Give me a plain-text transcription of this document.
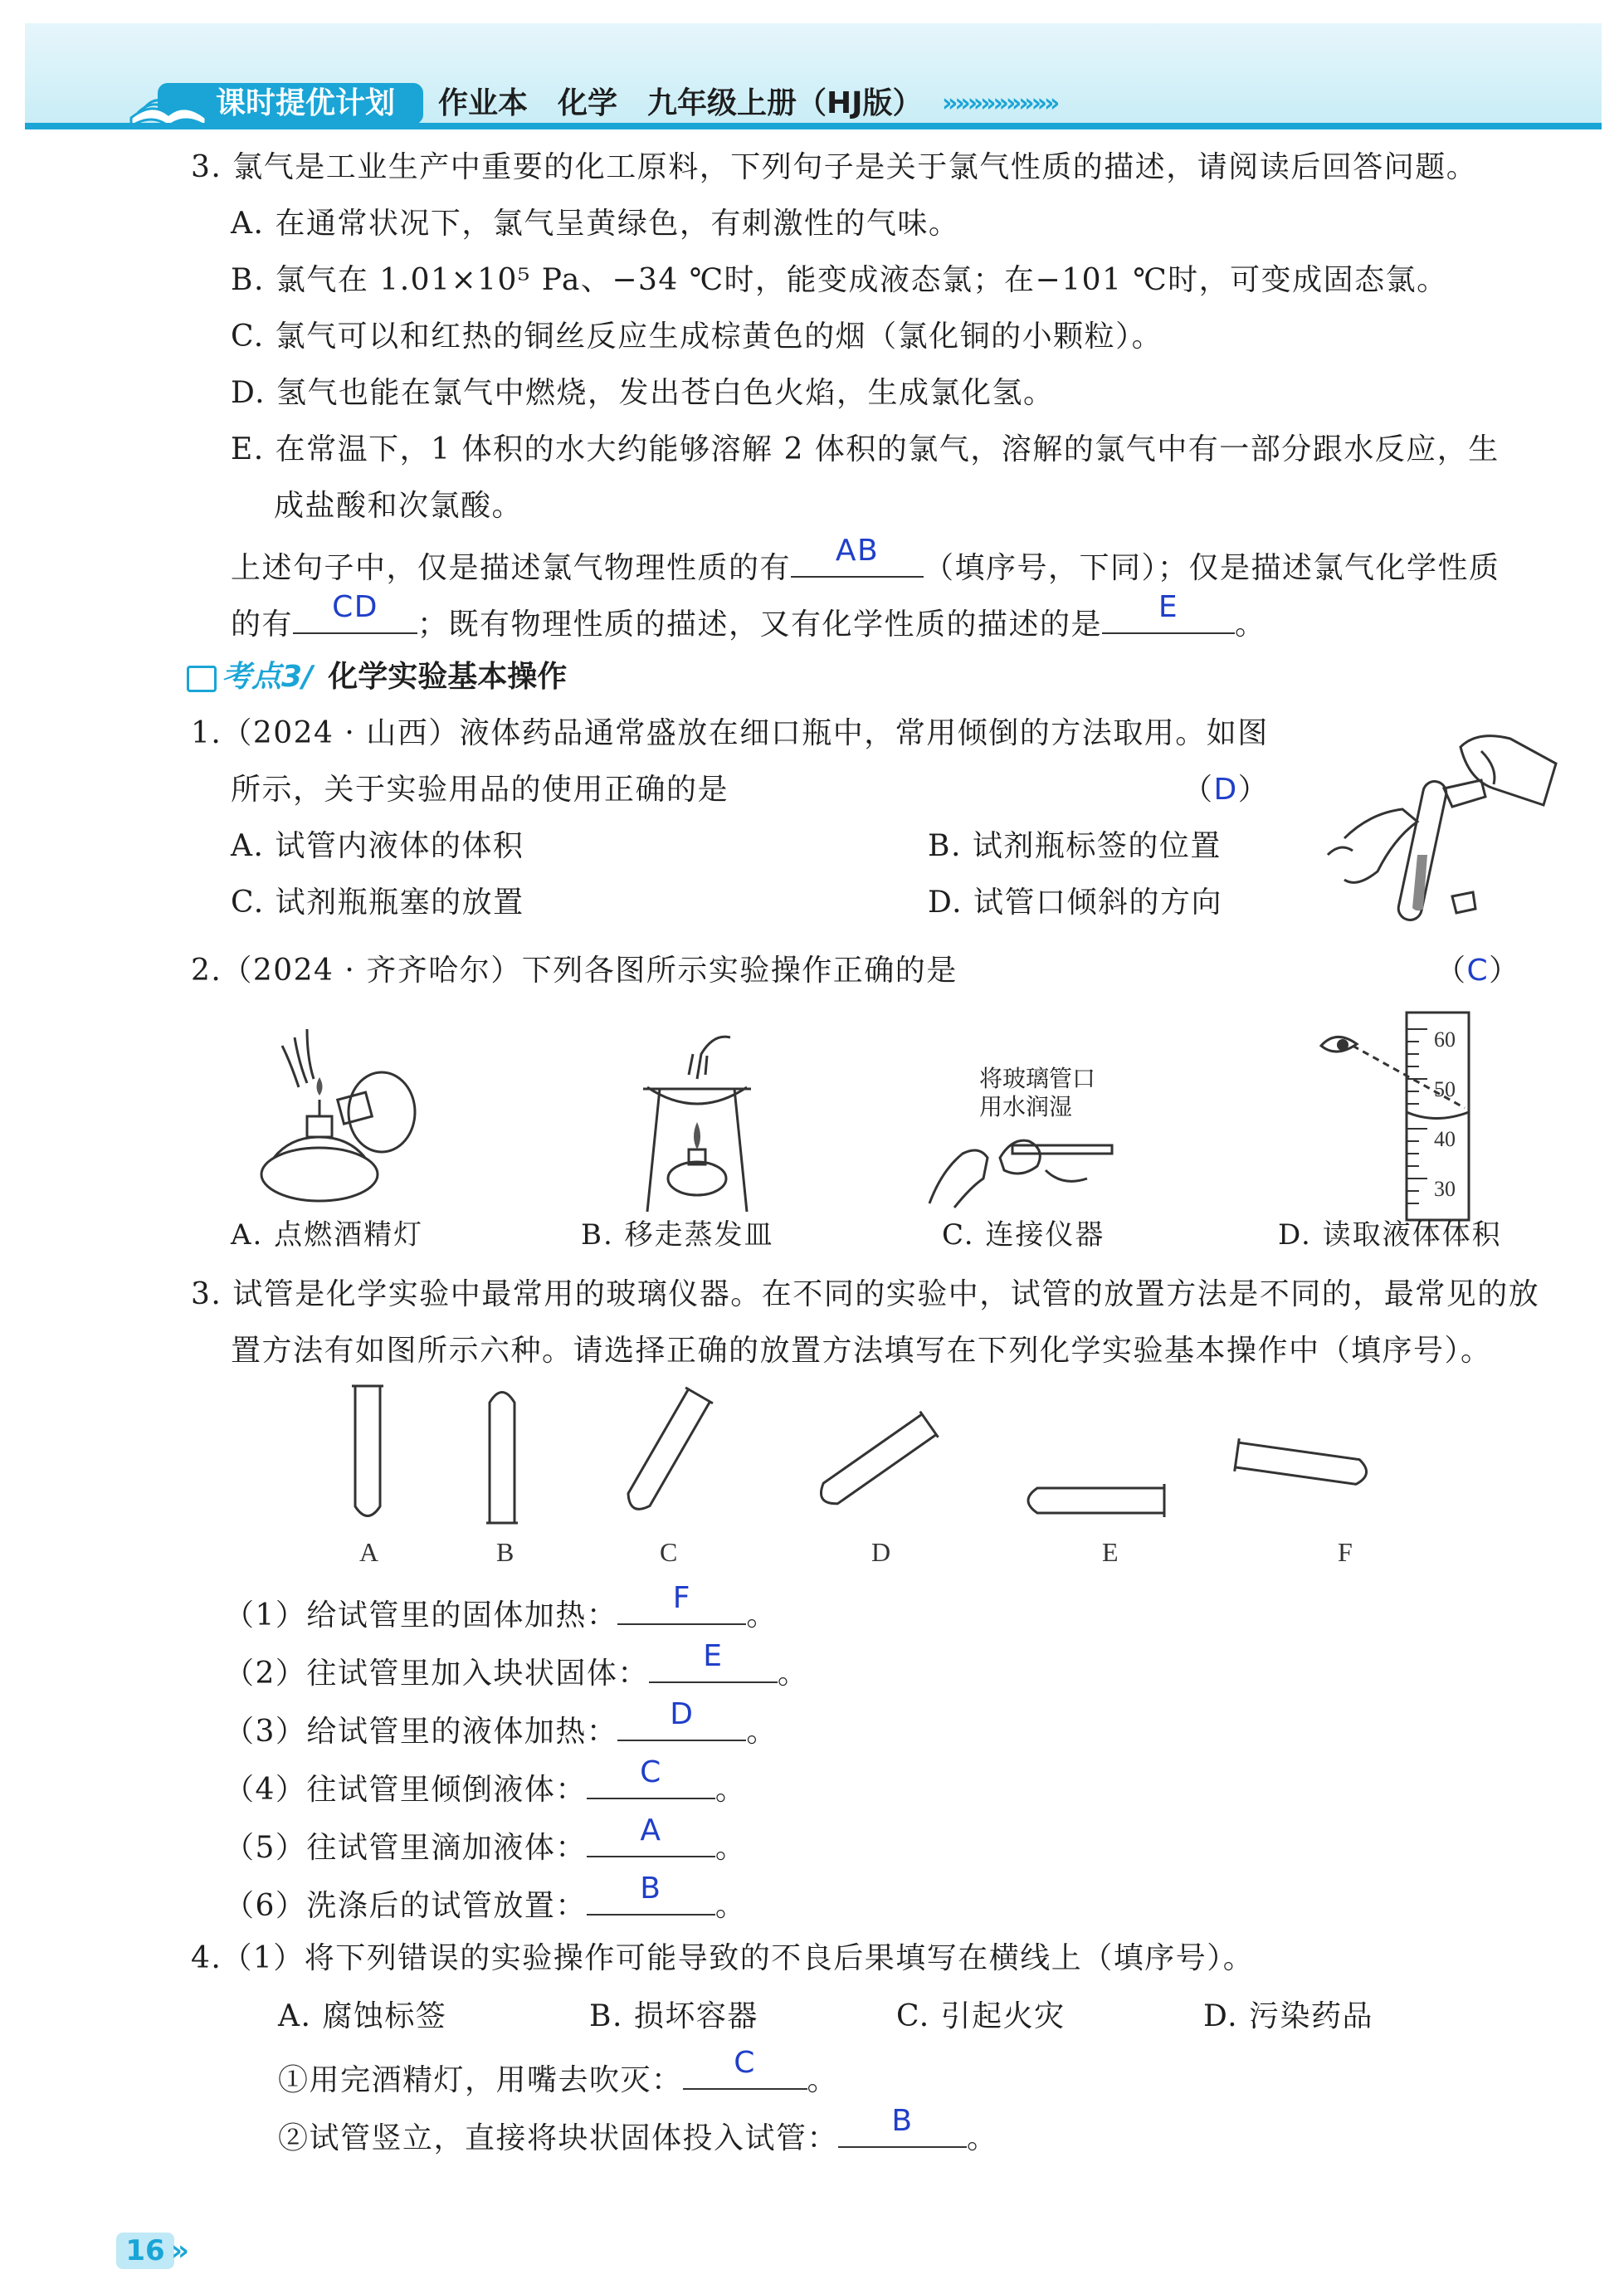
课时提优计划	作业本　化学　九年级上册（HJ版） »»»»»»»»»
3. 氯气是工业生产中重要的化工原料，下列句子是关于氯气性质的描述，请阅读后回答问题。
A. 在通常状况下，氯气呈黄绿色，有刺激性的气味。
B. 氯气在 1.01×10⁵ Pa、−34 ℃时，能变成液态氯；在−101 ℃时，可变成固态氯。
C. 氯气可以和红热的铜丝反应生成棕黄色的烟（氯化铜的小颗粒）。
D. 氢气也能在氯气中燃烧，发出苍白色火焰，生成氯化氢。
E. 在常温下，1 体积的水大约能够溶解 2 体积的氯气，溶解的氯气中有一部分跟水反应，生
成盐酸和次氯酸。
上述句子中，仅是描述氯气物理性质的有
AB
（填序号，下同）；仅是描述氯气化学性质
的有
CD
；既有物理性质的描述，又有化学性质的描述的是
E
。
考点3/ 化学实验基本操作
1.（2024 · 山西）液体药品通常盛放在细口瓶中，常用倾倒的方法取用。如图
所示，关于实验用品的使用正确的是	（D）
A. 试管内液体的体积	B. 试剂瓶标签的位置
C. 试剂瓶瓶塞的放置	D. 试管口倾斜的方向
2.（2024 · 齐齐哈尔）下列各图所示实验操作正确的是	（C）
将玻璃管口
用水润湿
60
50
40
30
A. 点燃酒精灯	B. 移走蒸发皿	C. 连接仪器	D. 读取液体体积
3. 试管是化学实验中最常用的玻璃仪器。在不同的实验中，试管的放置方法是不同的，最常见的放
置方法有如图所示六种。请选择正确的放置方法填写在下列化学实验基本操作中（填序号）。
A	B	C	D	E	F
（1）给试管里的固体加热：
F
。
（2）往试管里加入块状固体：
E
。
（3）给试管里的液体加热：
D
。
（4）往试管里倾倒液体：
C
。
（5）往试管里滴加液体：
A
。
（6）洗涤后的试管放置：
B
。
4.（1）将下列错误的实验操作可能导致的不良后果填写在横线上（填序号）。
A. 腐蚀标签	B. 损坏容器	C. 引起火灾	D. 污染药品
①用完酒精灯，用嘴去吹灭：
C
。
②试管竖立，直接将块状固体投入试管：
B
。
16 ››
